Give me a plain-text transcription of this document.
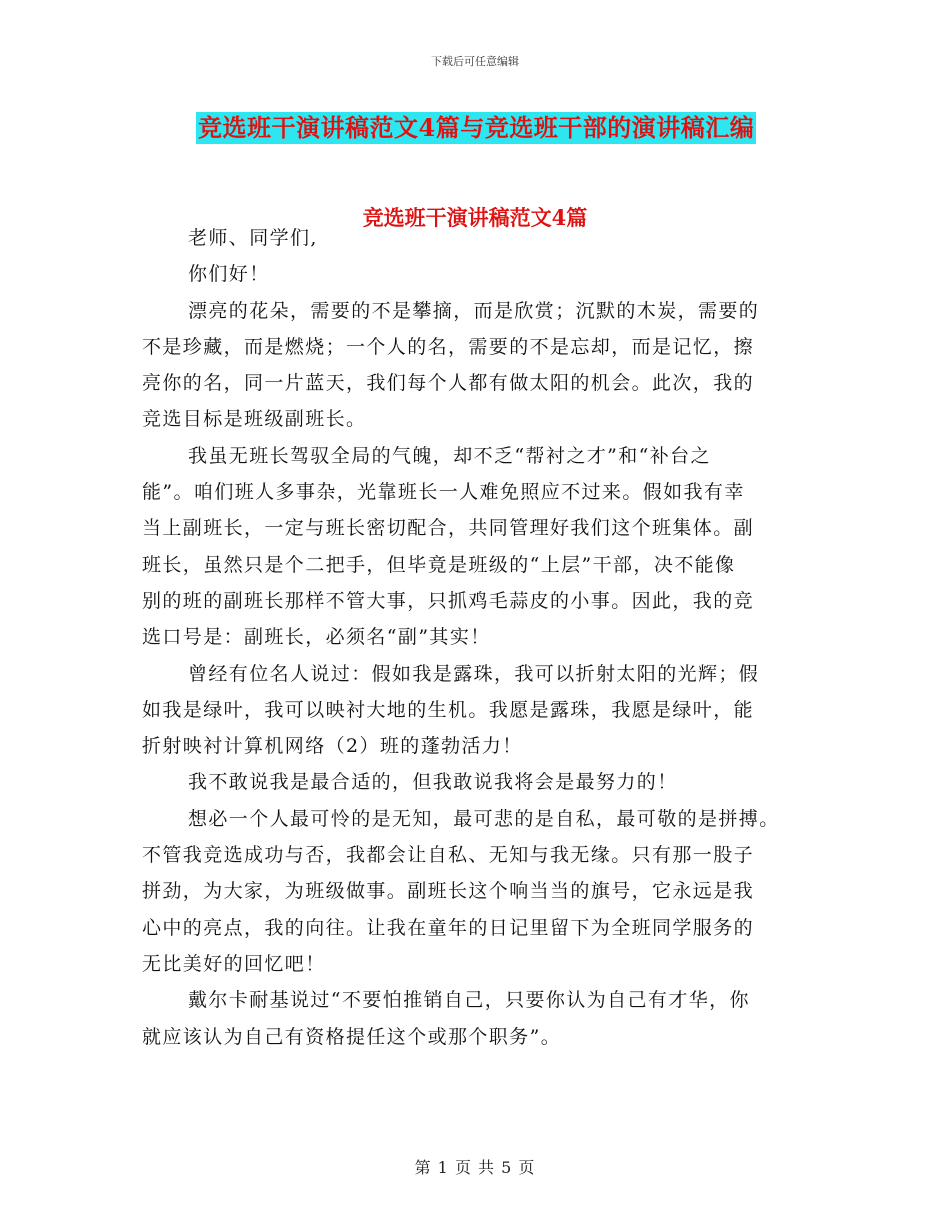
下载后可任意编辑
竞选班干演讲稿范文4篇与竞选班干部的演讲稿汇编
竞选班干演讲稿范文4篇
老师、同学们,
你们好！
漂亮的花朵，需要的不是攀摘，而是欣赏；沉默的木炭，需要的
不是珍藏，而是燃烧；一个人的名，需要的不是忘却，而是记忆，擦
亮你的名，同一片蓝天，我们每个人都有做太阳的机会。此次，我的
竞选目标是班级副班长。
我虽无班长驾驭全局的气魄，却不乏“帮衬之才”和“补台之
能”。咱们班人多事杂，光靠班长一人难免照应不过来。假如我有幸
当上副班长，一定与班长密切配合，共同管理好我们这个班集体。副
班长，虽然只是个二把手，但毕竟是班级的“上层”干部，决不能像
别的班的副班长那样不管大事，只抓鸡毛蒜皮的小事。因此，我的竞
选口号是：副班长，必须名“副”其实！
曾经有位名人说过：假如我是露珠，我可以折射太阳的光辉；假
如我是绿叶，我可以映衬大地的生机。我愿是露珠，我愿是绿叶，能
折射映衬计算机网络（2）班的蓬勃活力！
我不敢说我是最合适的，但我敢说我将会是最努力的！
想必一个人最可怜的是无知，最可悲的是自私，最可敬的是拼搏。
不管我竞选成功与否，我都会让自私、无知与我无缘。只有那一股子
拼劲，为大家，为班级做事。副班长这个响当当的旗号，它永远是我
心中的亮点，我的向往。让我在童年的日记里留下为全班同学服务的
无比美好的回忆吧！
戴尔卡耐基说过“不要怕推销自己，只要你认为自己有才华，你
就应该认为自己有资格提任这个或那个职务”。
第 1 页 共 5 页
